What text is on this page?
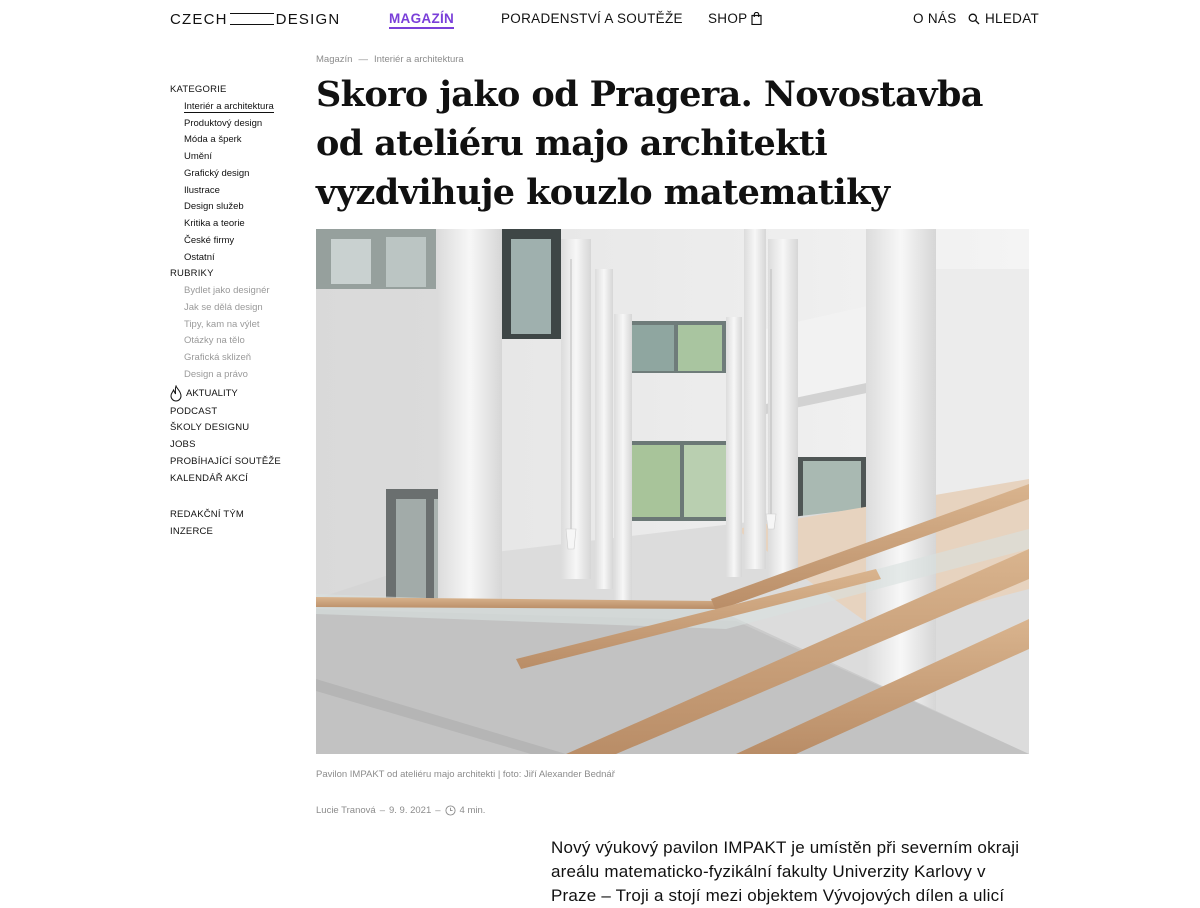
CZECH	DESIGN	MAGAZÍN	PORADENSTVÍ A SOUTĚŽE SHOP	O NÁS HLEDAT
KATEGORIE
Interiér a architektura
Produktový design
Móda a šperk
Umění
Grafický design
Ilustrace
Design služeb
Kritika a teorie
České firmy
Ostatní
RUBRIKY
Bydlet jako designér
Jak se dělá design
Tipy, kam na výlet
Otázky na tělo
Grafická sklizeň
Design a právo
AKTUALITY
PODCAST
ŠKOLY DESIGNU
JOBS
PROBÍHAJÍCÍ SOUTĚŽE
KALENDÁŘ AKCÍ
REDAKČNÍ TÝM
INZERCE
Magazín — Interiér a architektura
Skoro jako od Pragera. Novostavba od ateliéru majo architekti vyzdvihuje kouzlo matematiky
Pavilon IMPAKT od ateliéru majo architekti | foto: Jiří Alexander Bednář
Lucie Tranová – 9. 9. 2021 – 4 min.

Nový výukový pavilon IMPAKT je umístěn při severním okraji areálu matematicko-fyzikální fakulty Univerzity Karlovy v Praze – Troji a stojí mezi objektem Vývojových dílen a ulicí
